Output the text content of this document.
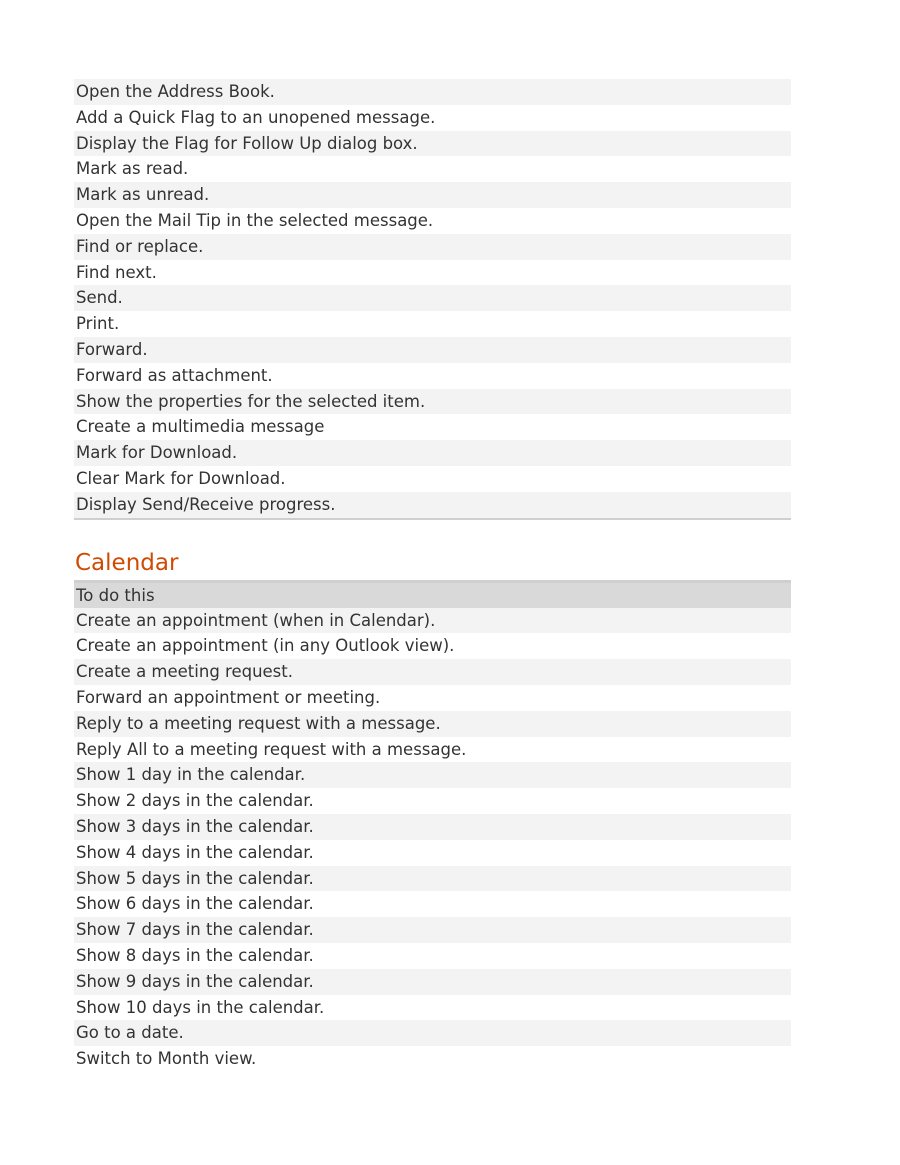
Open the Address Book.
Add a Quick Flag to an unopened message.
Display the Flag for Follow Up dialog box.
Mark as read.
Mark as unread.
Open the Mail Tip in the selected message.
Find or replace.
Find next.
Send.
Print.
Forward.
Forward as attachment.
Show the properties for the selected item.
Create a multimedia message
Mark for Download.
Clear Mark for Download.
Display Send/Receive progress.
Calendar
To do this
Create an appointment (when in Calendar).
Create an appointment (in any Outlook view).
Create a meeting request.
Forward an appointment or meeting.
Reply to a meeting request with a message.
Reply All to a meeting request with a message.
Show 1 day in the calendar.
Show 2 days in the calendar.
Show 3 days in the calendar.
Show 4 days in the calendar.
Show 5 days in the calendar.
Show 6 days in the calendar.
Show 7 days in the calendar.
Show 8 days in the calendar.
Show 9 days in the calendar.
Show 10 days in the calendar.
Go to a date.
Switch to Month view.
